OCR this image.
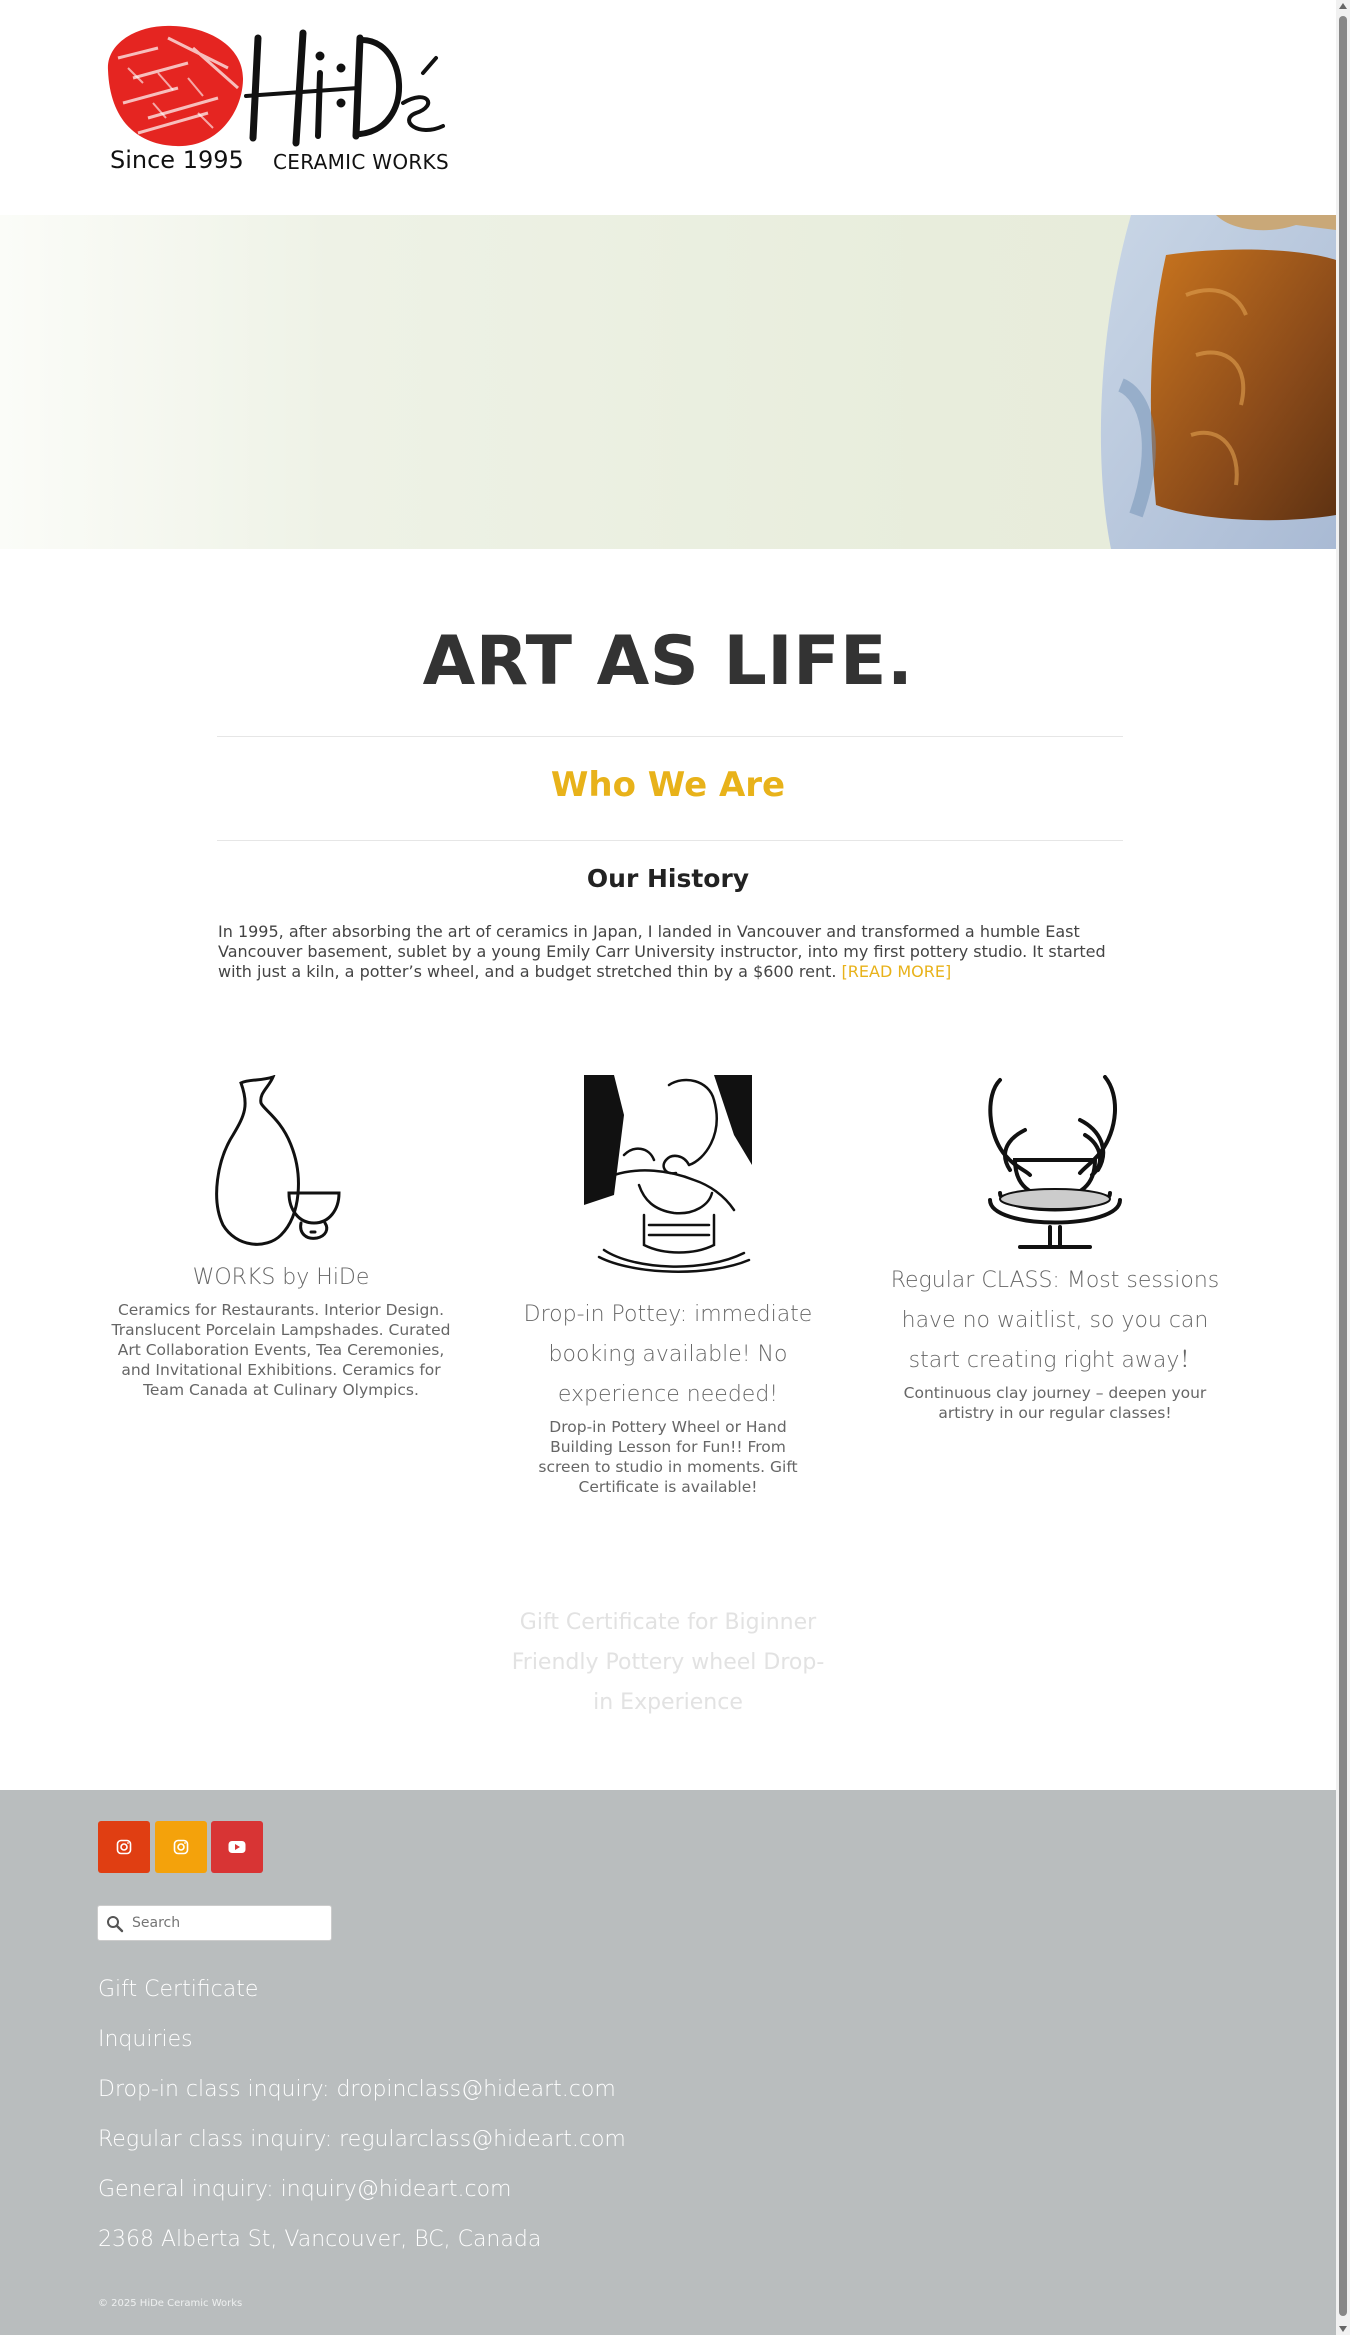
Since 1995 CERAMIC WORKS
ART AS LIFE.
Who We Are
Our History

In 1995, after absorbing the art of ceramics in Japan, I landed in Vancouver and transformed a humble East Vancouver basement, sublet by a young Emily Carr University instructor, into my first pottery studio. It started with just a kiln, a potter’s wheel, and a budget stretched thin by a $600 rent. [READ MORE]

WORKS by HiDe
Ceramics for Restaurants. Interior Design. Translucent Porcelain Lampshades. Curated Art Collaboration Events, Tea Ceremonies, and Invitational Exhibitions. Ceramics for Team Canada at Culinary Olympics.
Drop-in Pottey: immediate booking available! No experience needed!
Drop-in Pottery Wheel or Hand Building Lesson for Fun!! From screen to studio in moments. Gift Certificate is available!
Regular CLASS: Most sessions have no waitlist, so you can start creating right away！
Continuous clay journey – deepen your artistry in our regular classes!
Gift Certificate for Biginner Friendly Pottery wheel Drop-in Experience
Search
Gift Certificate
Inquiries
Drop-in class inquiry: dropinclass@hideart.com
Regular class inquiry: regularclass@hideart.com
General inquiry: inquiry@hideart.com
2368 Alberta St, Vancouver, BC, Canada
© 2025 HiDe Ceramic Works
